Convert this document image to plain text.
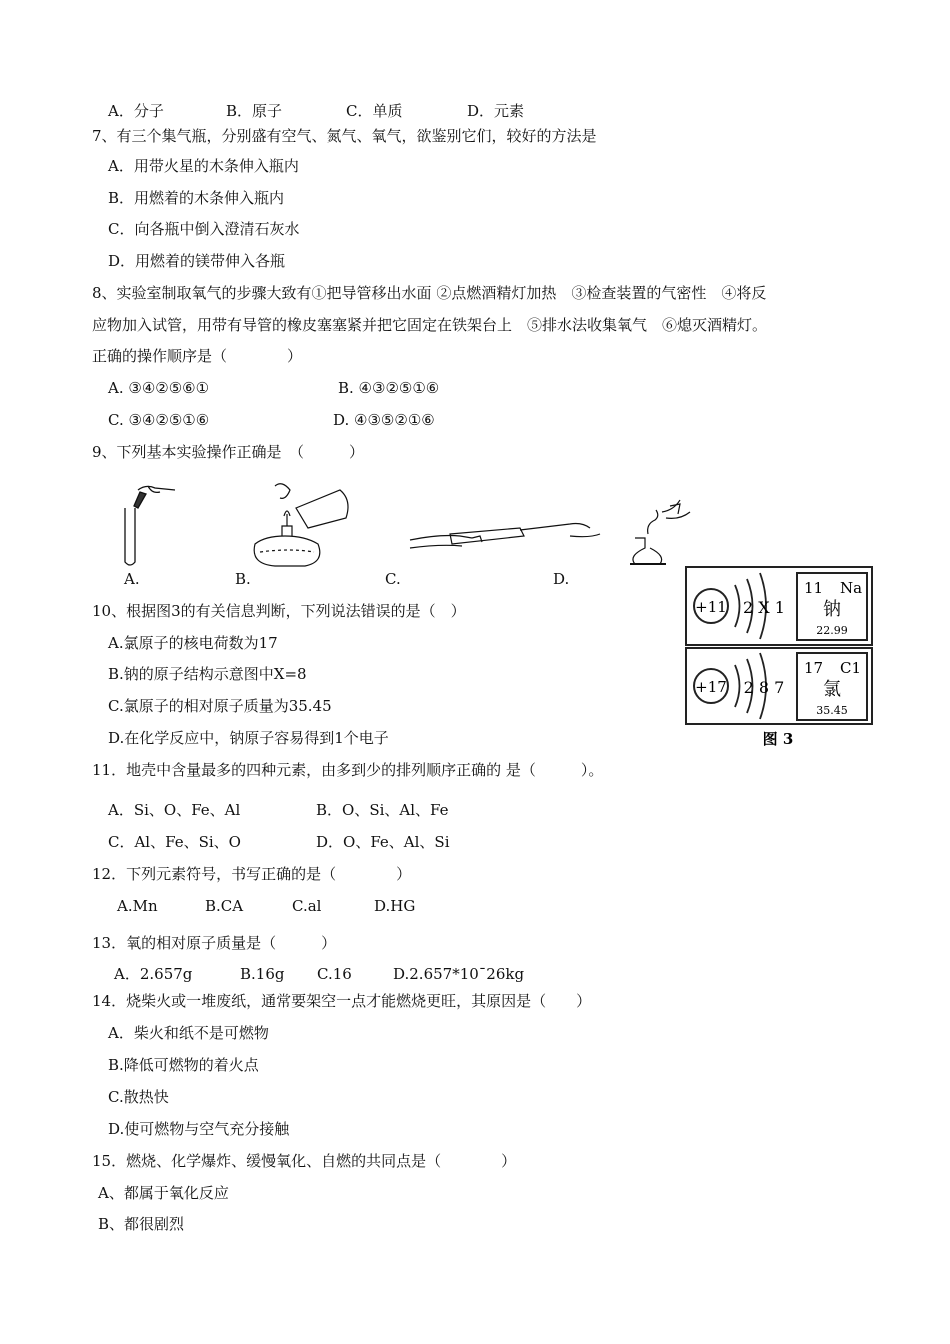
A．分子	B．原子	C．单质	D．元素
7、有三个集气瓶，分别盛有空气、氮气、氧气，欲鉴别它们，较好的方法是
A．用带火星的木条伸入瓶内
B．用燃着的木条伸入瓶内
C．向各瓶中倒入澄清石灰水
D．用燃着的镁带伸入各瓶
8、实验室制取氧气的步骤大致有①把导管移出水面 ②点燃酒精灯加热　③检查装置的气密性　④将反
应物加入试管，用带有导管的橡皮塞塞紧并把它固定在铁架台上　⑤排水法收集氧气　⑥熄灭酒精灯。
正确的操作顺序是（　　　　）
A. ③④②⑤⑥①	B. ④③②⑤①⑥
C. ③④②⑤①⑥	D. ④③⑤②①⑥
9、下列基本实验操作正确是　（　　　）
A.	B.	C.	D.
+11 2 X 1
11 Na
钠
22.99
+17 2 8 7
17 C1
氯
35.45
图 3
10、根据图3的有关信息判断，下列说法错误的是（　）
A.氯原子的核电荷数为17
B.钠的原子结构示意图中X=8
C.氯原子的相对原子质量为35.45
D.在化学反应中，钠原子容易得到1个电子
11．地壳中含量最多的四种元素，由多到少的排列顺序正确的 是（　　　）。
A．Si、O、Fe、Al	B．O、Si、Al、Fe
C．Al、Fe、Si、O	D．O、Fe、Al、Si
12．下列元素符号，书写正确的是（　　　　）
A.Mn	B.CA	C.al	D.HG
13．氧的相对原子质量是（　　　）
A．2.657g	B.16g C.16	D.2.657*10ˉ26kg
14．烧柴火或一堆废纸，通常要架空一点才能燃烧更旺，其原因是（　　）
A．柴火和纸不是可燃物
B.降低可燃物的着火点
C.散热快
D.使可燃物与空气充分接触
15．燃烧、化学爆炸、缓慢氧化、自燃的共同点是（　　　　）
A、都属于氧化反应
B、都很剧烈
